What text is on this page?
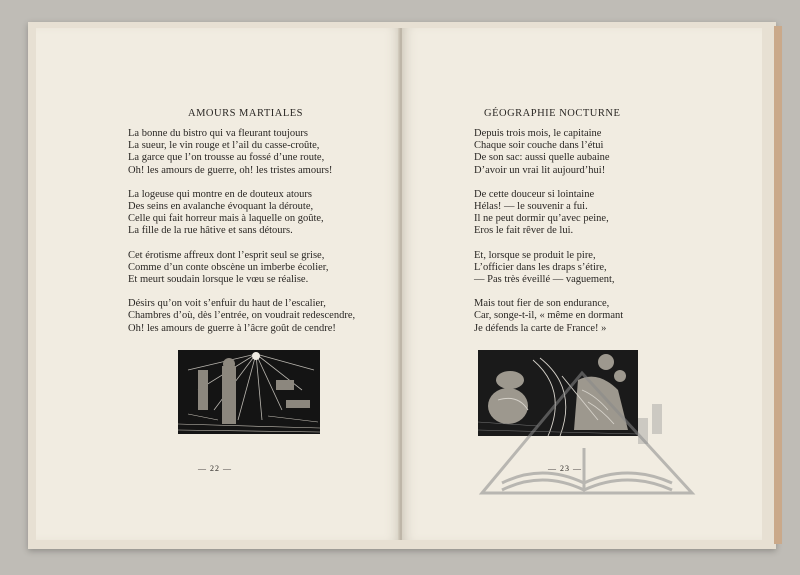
AMOURS MARTIALES
La bonne du bistro qui va fleurant toujours
La sueur, le vin rouge et l’ail du casse-croûte,
La garce que l’on trousse au fossé d’une route,
Oh! les amours de guerre, oh! les tristes amours!
La logeuse qui montre en de douteux atours
Des seins en avalanche évoquant la déroute,
Celle qui fait horreur mais à laquelle on goûte,
La fille de la rue hâtive et sans détours.
Cet érotisme affreux dont l’esprit seul se grise,
Comme d’un conte obscène un imberbe écolier,
Et meurt soudain lorsque le vœu se réalise.
Désirs qu’on voit s’enfuir du haut de l’escalier,
Chambres d’où, dès l’entrée, on voudrait redescendre,
Oh! les amours de guerre à l’âcre goût de cendre!
— 22 —
GÉOGRAPHIE NOCTURNE
Depuis trois mois, le capitaine
Chaque soir couche dans l’étui
De son sac: aussi quelle aubaine
D’avoir un vrai lit aujourd’hui!
De cette douceur si lointaine
Hélas! — le souvenir a fui.
Il ne peut dormir qu’avec peine,
Eros le fait rêver de lui.
Et, lorsque se produit le pire,
L’officier dans les draps s’étire,
— Pas très éveillé — vaguement,
Mais tout fier de son endurance,
Car, songe-t-il, « même en dormant
Je défends la carte de France! »
— 23 —
